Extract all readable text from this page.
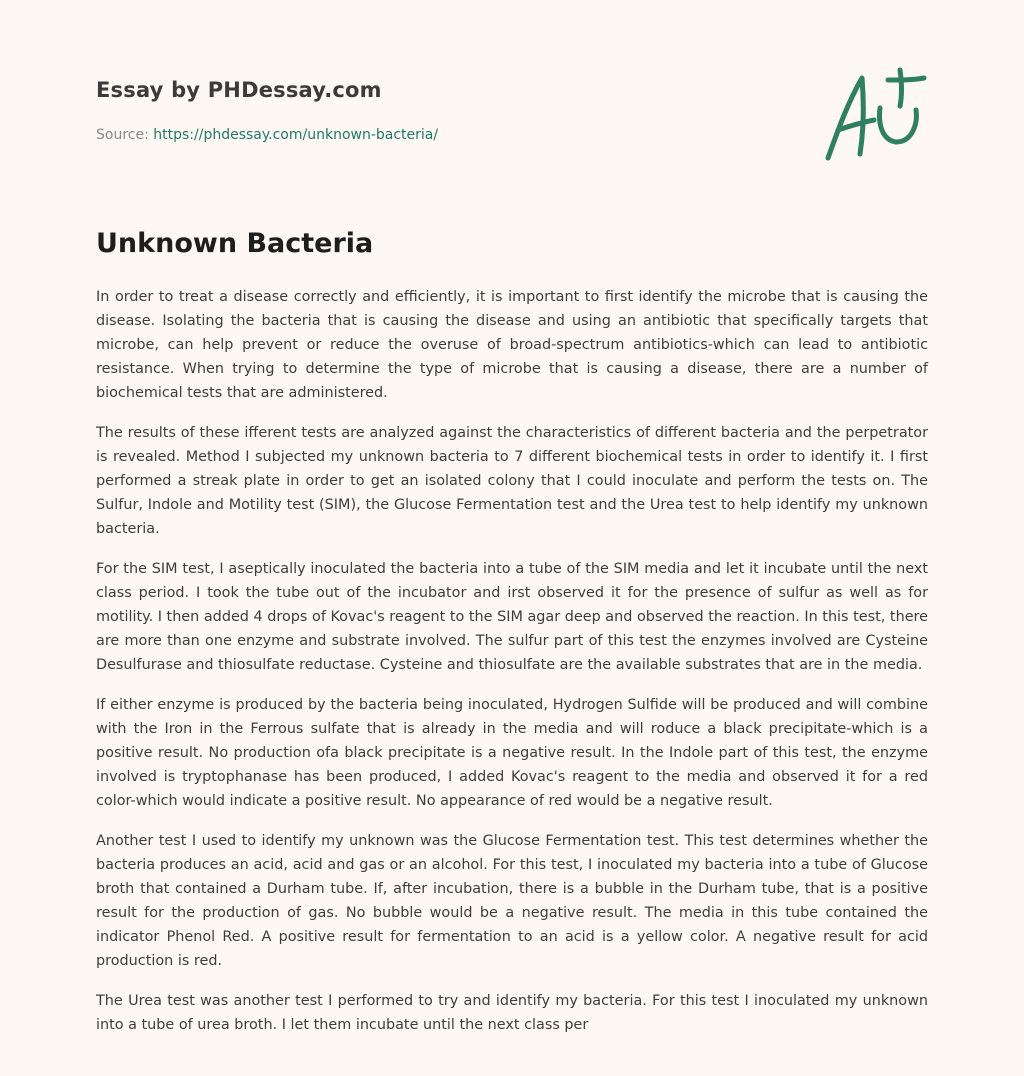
Essay by PHDessay.com
Source: https://phdessay.com/unknown-bacteria/
Unknown Bacteria

In order to treat a disease correctly and efficiently, it is important to first identify the microbe that is causing the disease. Isolating the bacteria that is causing the disease and using an antibiotic that specifically targets that microbe, can help prevent or reduce the overuse of broad-spectrum antibiotics-which can lead to antibiotic resistance. When trying to determine the type of microbe that is causing a disease, there are a number of biochemical tests that are administered.

The results of these ifferent tests are analyzed against the characteristics of different bacteria and the perpetrator is revealed. Method I subjected my unknown bacteria to 7 different biochemical tests in order to identify it. I first performed a streak plate in order to get an isolated colony that I could inoculate and perform the tests on. The Sulfur, Indole and Motility test (SIM), the Glucose Fermentation test and the Urea test to help identify my unknown bacteria.

For the SIM test, I aseptically inoculated the bacteria into a tube of the SIM media and let it incubate until the next class period. I took the tube out of the incubator and irst observed it for the presence of sulfur as well as for motility. I then added 4 drops of Kovac's reagent to the SIM agar deep and observed the reaction. In this test, there are more than one enzyme and substrate involved. The sulfur part of this test the enzymes involved are Cysteine Desulfurase and thiosulfate reductase. Cysteine and thiosulfate are the available substrates that are in the media.

If either enzyme is produced by the bacteria being inoculated, Hydrogen Sulfide will be produced and will combine with the Iron in the Ferrous sulfate that is already in the media and will roduce a black precipitate-which is a positive result. No production ofa black precipitate is a negative result. In the Indole part of this test, the enzyme involved is tryptophanase has been produced, I added Kovac's reagent to the media and observed it for a red color-which would indicate a positive result. No appearance of red would be a negative result.

Another test I used to identify my unknown was the Glucose Fermentation test. This test determines whether the bacteria produces an acid, acid and gas or an alcohol. For this test, I inoculated my bacteria into a tube of Glucose broth that contained a Durham tube. If, after incubation, there is a bubble in the Durham tube, that is a positive result for the production of gas. No bubble would be a negative result. The media in this tube contained the indicator Phenol Red. A positive result for fermentation to an acid is a yellow color. A negative result for acid production is red.

The Urea test was another test I performed to try and identify my bacteria. For this test I inoculated my unknown into a tube of urea broth. I let them incubate until the next class per
